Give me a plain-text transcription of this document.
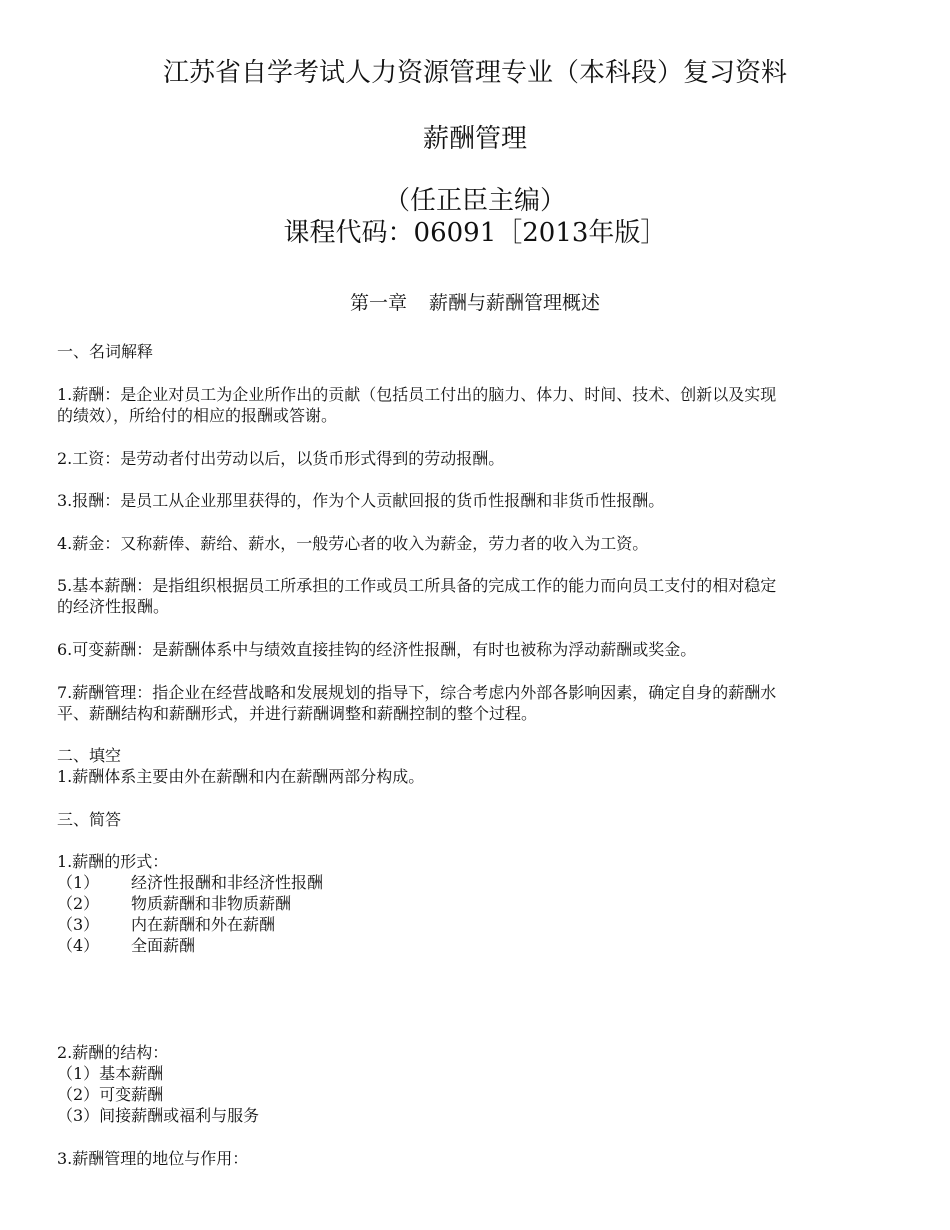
江苏省自学考试人力资源管理专业（本科段）复习资料
薪酬管理
（任正臣主编）
课程代码：06091［2013年版］
第一章 薪酬与薪酬管理概述
一、名词解释
1.薪酬：是企业对员工为企业所作出的贡献（包括员工付出的脑力、体力、时间、技术、创新以及实现
的绩效），所给付的相应的报酬或答谢。
2.工资：是劳动者付出劳动以后，以货币形式得到的劳动报酬。
3.报酬：是员工从企业那里获得的，作为个人贡献回报的货币性报酬和非货币性报酬。
4.薪金：又称薪俸、薪给、薪水，一般劳心者的收入为薪金，劳力者的收入为工资。
5.基本薪酬：是指组织根据员工所承担的工作或员工所具备的完成工作的能力而向员工支付的相对稳定
的经济性报酬。
6.可变薪酬：是薪酬体系中与绩效直接挂钩的经济性报酬，有时也被称为浮动薪酬或奖金。
7.薪酬管理：指企业在经营战略和发展规划的指导下，综合考虑内外部各影响因素，确定自身的薪酬水
平、薪酬结构和薪酬形式，并进行薪酬调整和薪酬控制的整个过程。
二、填空
1.薪酬体系主要由外在薪酬和内在薪酬两部分构成。
三、简答
1.薪酬的形式：
（1） 经济性报酬和非经济性报酬
（2） 物质薪酬和非物质薪酬
（3） 内在薪酬和外在薪酬
（4） 全面薪酬
2.薪酬的结构：
（1）基本薪酬
（2）可变薪酬
（3）间接薪酬或福利与服务
3.薪酬管理的地位与作用：
